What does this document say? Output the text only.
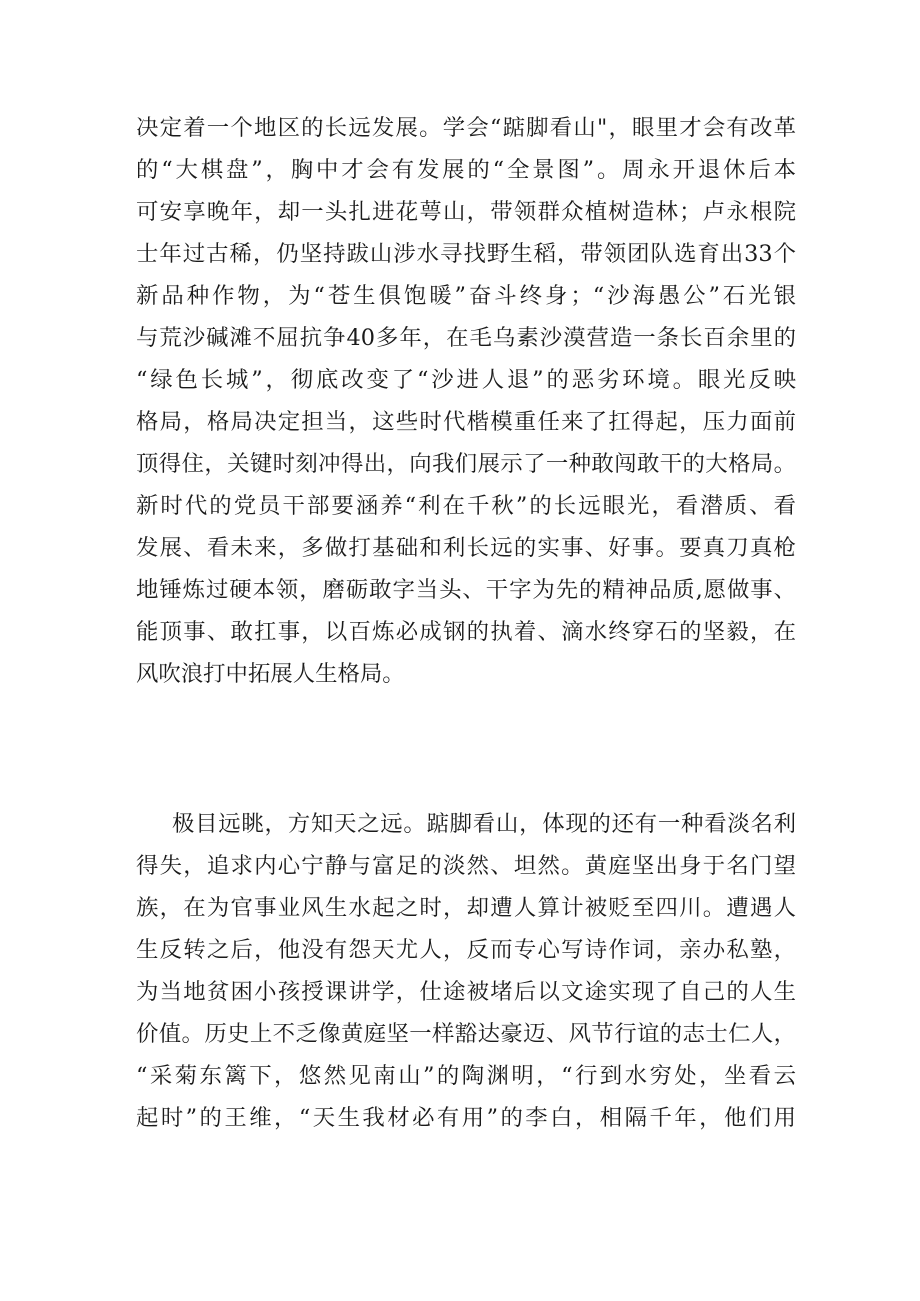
决定着一个地区的长远发展。学会“踮脚看山"，眼里才会有改革
的“大棋盘”，胸中才会有发展的“全景图”。周永开退休后本
可安享晚年，却一头扎进花萼山，带领群众植树造林；卢永根院
士年过古稀，仍坚持跋山涉水寻找野生稻，带领团队选育出33个
新品种作物，为“苍生俱饱暖”奋斗终身；“沙海愚公”石光银
与荒沙碱滩不屈抗争40多年，在毛乌素沙漠营造一条长百余里的
“绿色长城”，彻底改变了“沙进人退”的恶劣环境。眼光反映
格局，格局决定担当，这些时代楷模重任来了扛得起，压力面前
顶得住，关键时刻冲得出，向我们展示了一种敢闯敢干的大格局。
新时代的党员干部要涵养“利在千秋”的长远眼光，看潜质、看
发展、看未来，多做打基础和利长远的实事、好事。要真刀真枪
地锤炼过硬本领，磨砺敢字当头、干字为先的精神品质,愿做事、
能顶事、敢扛事，以百炼必成钢的执着、滴水终穿石的坚毅，在
风吹浪打中拓展人生格局。
极目远眺，方知天之远。踮脚看山，体现的还有一种看淡名利
得失，追求内心宁静与富足的淡然、坦然。黄庭坚出身于名门望
族，在为官事业风生水起之时，却遭人算计被贬至四川。遭遇人
生反转之后，他没有怨天尤人，反而专心写诗作词，亲办私塾，
为当地贫困小孩授课讲学，仕途被堵后以文途实现了自己的人生
价值。历史上不乏像黄庭坚一样豁达豪迈、风节行谊的志士仁人，
“采菊东篱下，悠然见南山”的陶渊明，“行到水穷处，坐看云
起时”的王维，“天生我材必有用”的李白，相隔千年，他们用
